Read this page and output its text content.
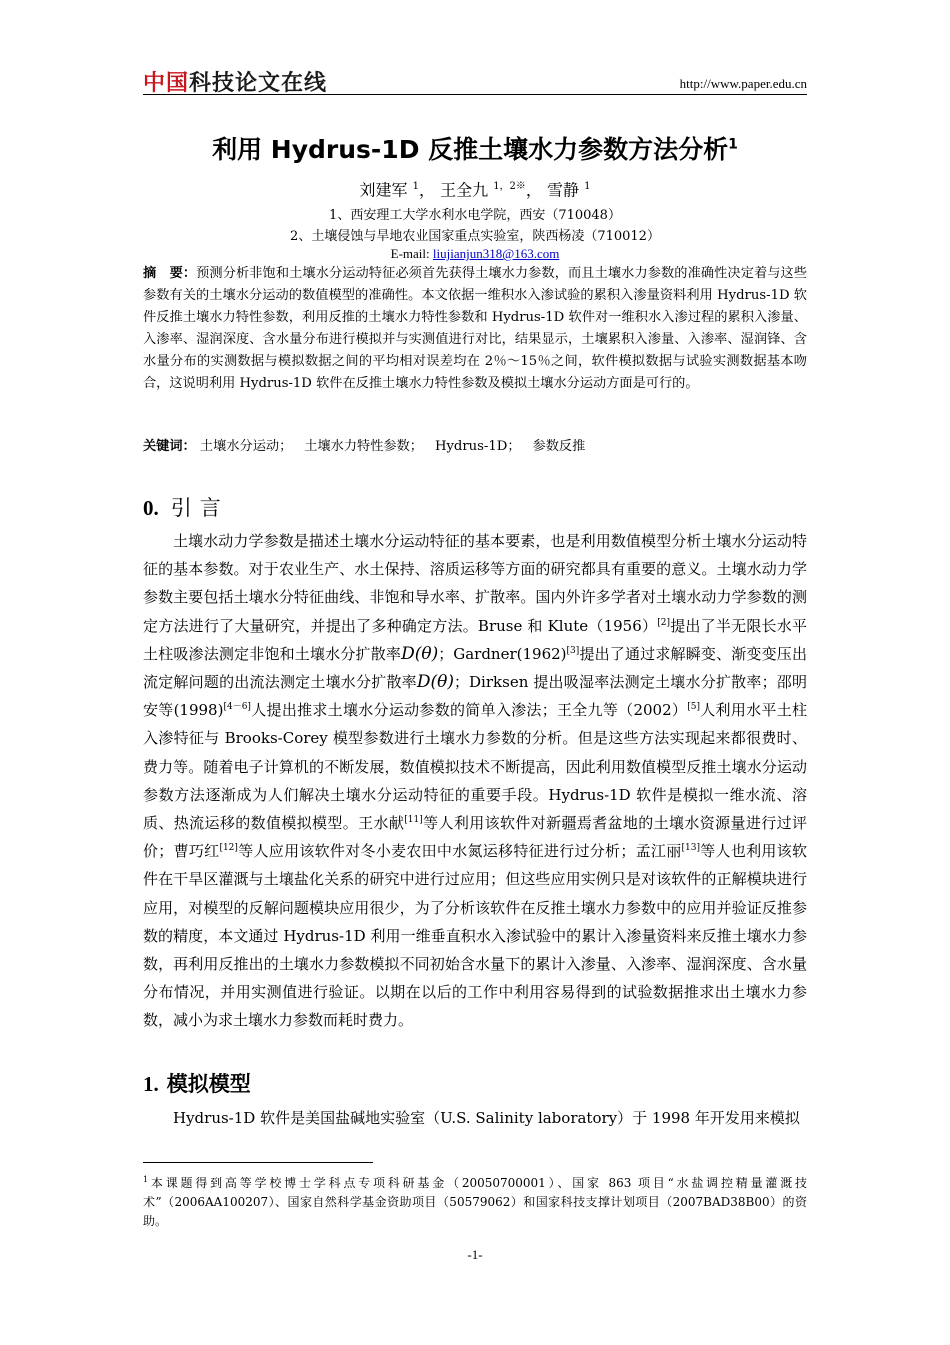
中国科技论文在线	http://www.paper.edu.cn
利用 Hydrus-1D 反推土壤水力参数方法分析$^1$
刘建军 $^1$， 王全九 $^{1,2※}$， 雪静 $^1$
1、西安理工大学水利水电学院，西安（710048）
2、土壤侵蚀与旱地农业国家重点实验室，陕西杨凌（710012）
E-mail: liujianjun318@163.com
摘　要：预测分析非饱和土壤水分运动特征必须首先获得土壤水力参数，而且土壤水力参数的准确性决定着与这些参数有关的土壤水分运动的数值模型的准确性。本文依据一维积水入渗试验的累积入渗量资料利用 Hydrus-1D 软件反推土壤水力特性参数，利用反推的土壤水力特性参数和 Hydrus-1D 软件对一维积水入渗过程的累积入渗量、入渗率、湿润深度、含水量分布进行模拟并与实测值进行对比，结果显示，土壤累积入渗量、入渗率、湿润锋、含水量分布的实测数据与模拟数据之间的平均相对误差均在 2％～15％之间，软件模拟数据与试验实测数据基本吻合，这说明利用 Hydrus-1D 软件在反推土壤水力特性参数及模拟土壤水分运动方面是可行的。
关键词： 土壤水分运动； 土壤水力特性参数； Hydrus-1D； 参数反推
0. 引言
土壤水动力学参数是描述土壤水分运动特征的基本要素，也是利用数值模型分析土壤水分运动特征的基本参数。对于农业生产、水土保持、溶质运移等方面的研究都具有重要的意义。土壤水动力学参数主要包括土壤水分特征曲线、非饱和导水率、扩散率。国内外许多学者对土壤水动力学参数的测定方法进行了大量研究，并提出了多种确定方法。Bruse 和 Klute（1956）[2]提出了半无限长水平土柱吸渗法测定非饱和土壤水分扩散率D(θ)；Gardner(1962)[3]提出了通过求解瞬变、渐变变压出流定解问题的出流法测定土壤水分扩散率D(θ)；Dirksen 提出吸湿率法测定土壤水分扩散率；邵明安等(1998)[4－6]人提出推求土壤水分运动参数的简单入渗法；王全九等（2002）[5]人利用水平土柱入渗特征与 Brooks-Corey 模型参数进行土壤水力参数的分析。但是这些方法实现起来都很费时、费力等。随着电子计算机的不断发展，数值模拟技术不断提高，因此利用数值模型反推土壤水分运动参数方法逐渐成为人们解决土壤水分运动特征的重要手段。Hydrus-1D 软件是模拟一维水流、溶质、热流运移的数值模拟模型。王水献[11]等人利用该软件对新疆焉耆盆地的土壤水资源量进行过评价；曹巧红[12]等人应用该软件对冬小麦农田中水氮运移特征进行过分析；孟江丽[13]等人也利用该软件在干旱区灌溉与土壤盐化关系的研究中进行过应用；但这些应用实例只是对该软件的正解模块进行应用，对模型的反解问题模块应用很少，为了分析该软件在反推土壤水力参数中的应用并验证反推参数的精度，本文通过 Hydrus-1D 利用一维垂直积水入渗试验中的累计入渗量资料来反推土壤水力参数，再利用反推出的土壤水力参数模拟不同初始含水量下的累计入渗量、入渗率、湿润深度、含水量分布情况，并用实测值进行验证。以期在以后的工作中利用容易得到的试验数据推求出土壤水力参数，减小为求土壤水力参数而耗时费力。
1. 模拟模型
Hydrus-1D 软件是美国盐碱地实验室（U.S. Salinity laboratory）于 1998 年开发用来模拟
$^1$本课题得到高等学校博士学科点专项科研基金（20050700001）、国家 863 项目“水盐调控精量灌溉技术”（2006AA100207）、国家自然科学基金资助项目（50579062）和国家科技支撑计划项目（2007BAD38B00）的资助。
-1-
